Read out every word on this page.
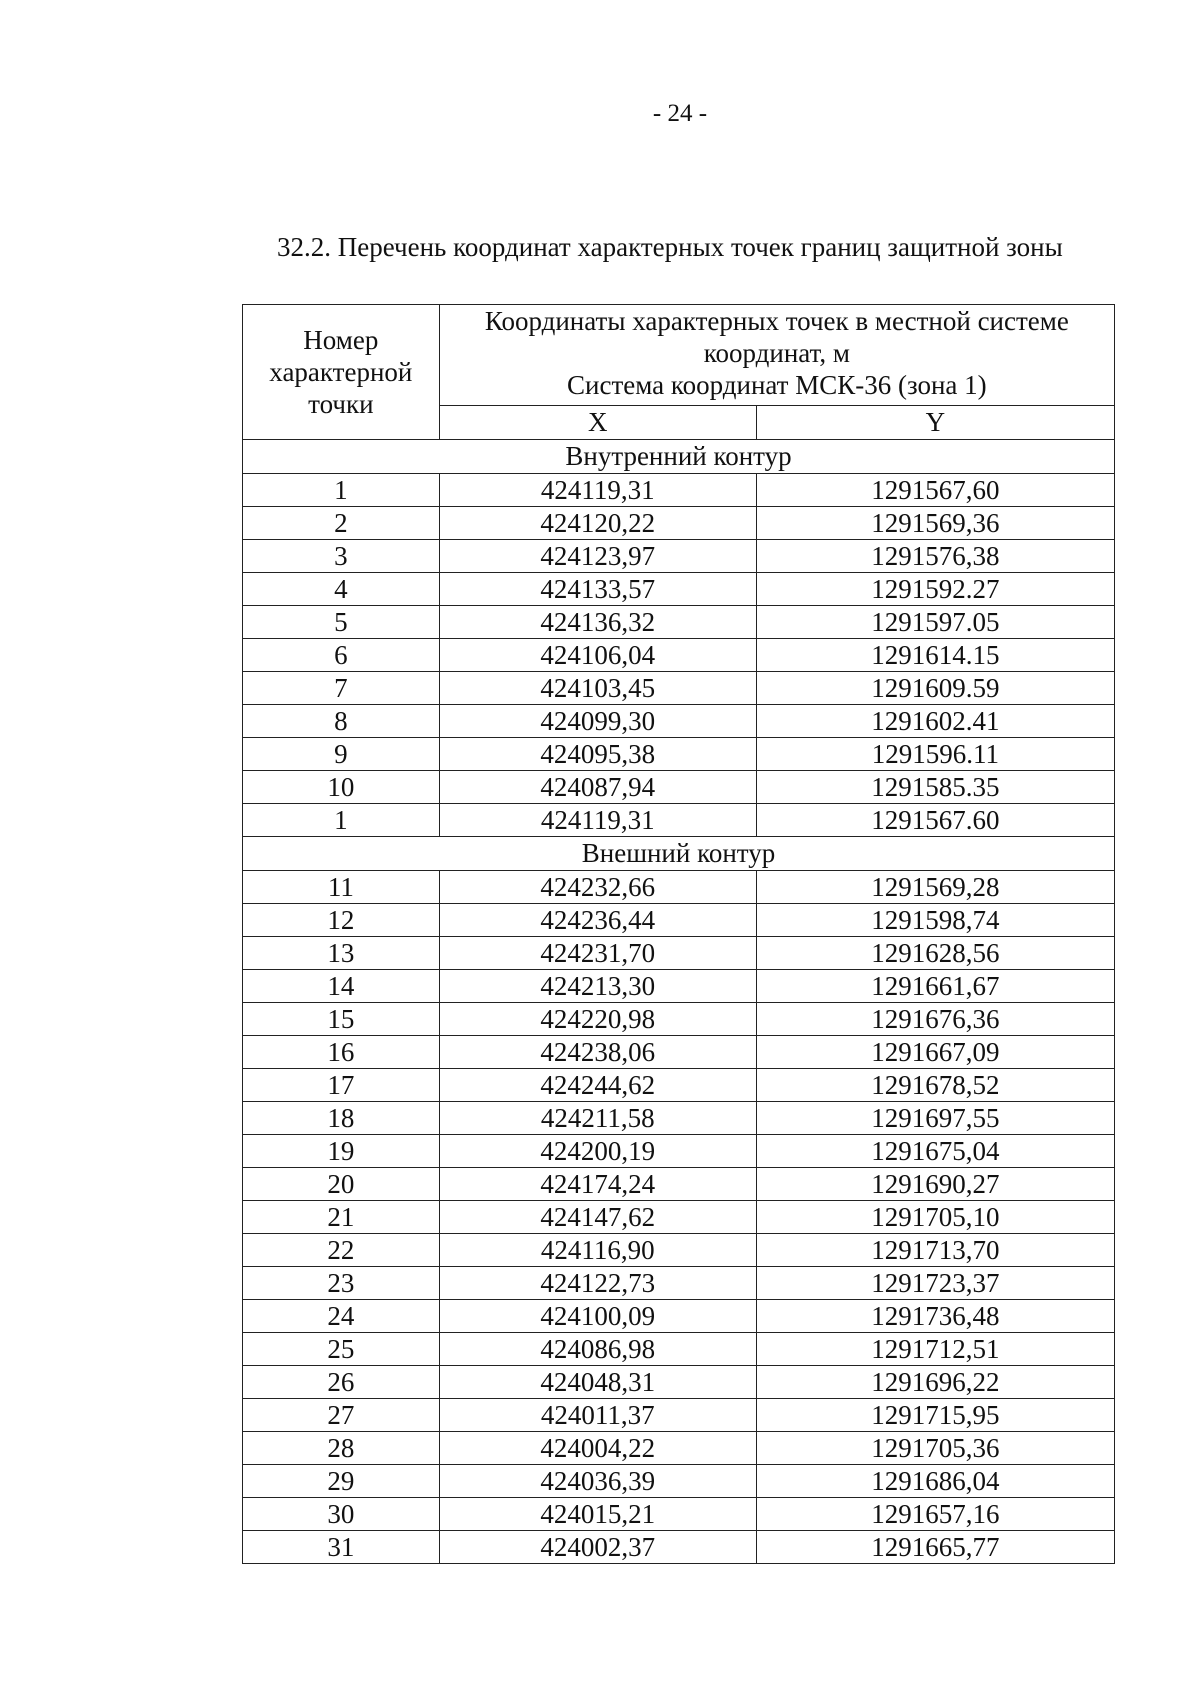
- 24 -
32.2. Перечень координат характерных точек границ защитной зоны
Номер характерной точки	Координаты характерных точек в местной системе
координат, м
Система координат МСК-36 (зона 1)	

	X	Y
Внутренний контур		
1	424119,31	1291567,60
2	424120,22	1291569,36
3	424123,97	1291576,38
4	424133,57	1291592.27
5	424136,32	1291597.05
6	424106,04	1291614.15
7	424103,45	1291609.59
8	424099,30	1291602.41
9	424095,38	1291596.11
10	424087,94	1291585.35
1	424119,31	1291567.60
Внешний контур		
11	424232,66	1291569,28
12	424236,44	1291598,74
13	424231,70	1291628,56
14	424213,30	1291661,67
15	424220,98	1291676,36
16	424238,06	1291667,09
17	424244,62	1291678,52
18	424211,58	1291697,55
19	424200,19	1291675,04
20	424174,24	1291690,27
21	424147,62	1291705,10
22	424116,90	1291713,70
23	424122,73	1291723,37
24	424100,09	1291736,48
25	424086,98	1291712,51
26	424048,31	1291696,22
27	424011,37	1291715,95
28	424004,22	1291705,36
29	424036,39	1291686,04
30	424015,21	1291657,16
31	424002,37	1291665,77
